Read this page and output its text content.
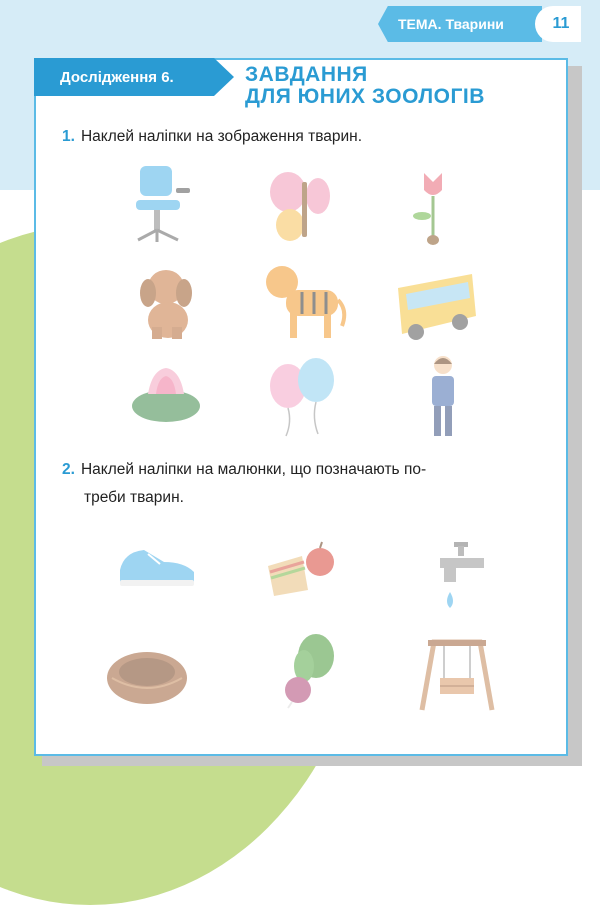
ТЕМА. Тварини	11
Дослідження 6.	ЗАВДАННЯ
ДЛЯ ЮНИХ ЗООЛОГІВ
1. Наклей наліпки на зображення тварин.
2. Наклей наліпки на малюнки, що позначають по-
треби тварин.
